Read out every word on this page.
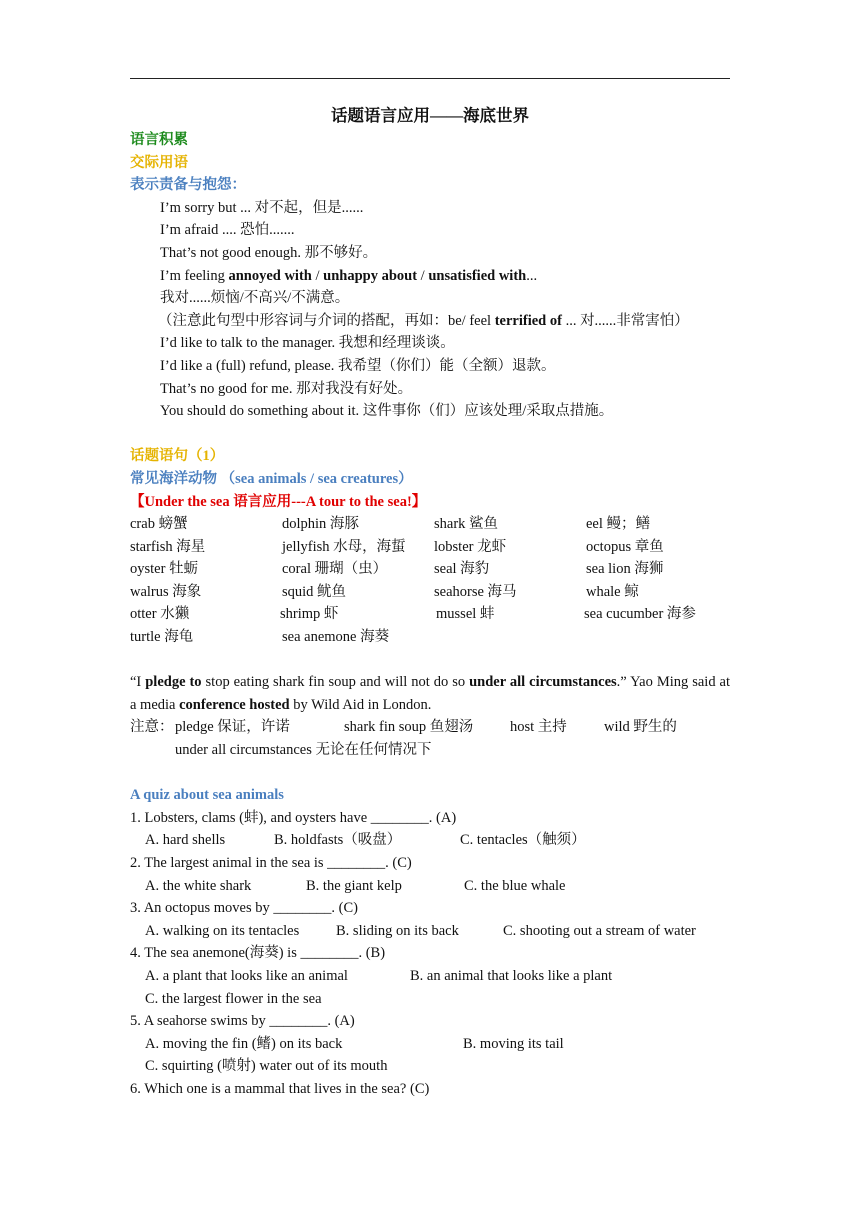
话题语言应用——海底世界
语言积累
交际用语
表示责备与抱怨：
I’m sorry but ... 对不起，但是......
I’m afraid .... 恐怕.......
That’s not good enough. 那不够好。
I’m feeling annoyed with / unhappy about / unsatisfied with...
我对......烦恼/不高兴/不满意。
（注意此句型中形容词与介词的搭配，再如：be/ feel terrified of ... 对......非常害怕）
I’d like to talk to the manager. 我想和经理谈谈。
I’d like a (full) refund, please. 我希望（你们）能（全额）退款。
That’s no good for me. 那对我没有好处。
You should do something about it. 这件事你（们）应该处理/采取点措施。
话题语句（1）
常见海洋动物 （sea animals / sea creatures）
【Under the sea 语言应用---A tour to the sea!】
crab 螃蟹	dolphin 海豚	shark 鲨鱼	eel 鳗；鳝
starfish 海星	jellyfish 水母，海蜇 lobster 龙虾	octopus 章鱼
oyster 牡蛎	coral 珊瑚（虫）	seal 海豹	sea lion 海狮
walrus 海象	squid 鱿鱼	seahorse 海马	whale 鲸
otter 水獭	shrimp 虾	mussel 蚌	sea cucumber 海参
turtle 海龟	sea anemone 海葵
“I pledge to stop eating shark fin soup and will not do so under all circumstances.” Yao Ming said at a media conference hosted by Wild Aid in London.
注意： pledge 保证，许诺	shark fin soup 鱼翅汤	host 主持	wild 野生的
under all circumstances 无论在任何情况下
A quiz about sea animals
1. Lobsters, clams (蚌), and oysters have ________. (A)
A. hard shells	B. holdfasts（吸盘）	C. tentacles（触须）
2. The largest animal in the sea is ________. (C)
A. the white shark	B. the giant kelp	C. the blue whale
3. An octopus moves by ________. (C)
A. walking on its tentacles	B. sliding on its back	C. shooting out a stream of water
4. The sea anemone(海葵) is ________. (B)
A. a plant that looks like an animal	B. an animal that looks like a plant
C. the largest flower in the sea
5. A seahorse swims by ________. (A)
A. moving the fin (鳍) on its back	B. moving its tail
C. squirting (喷射) water out of its mouth
6. Which one is a mammal that lives in the sea? (C)
